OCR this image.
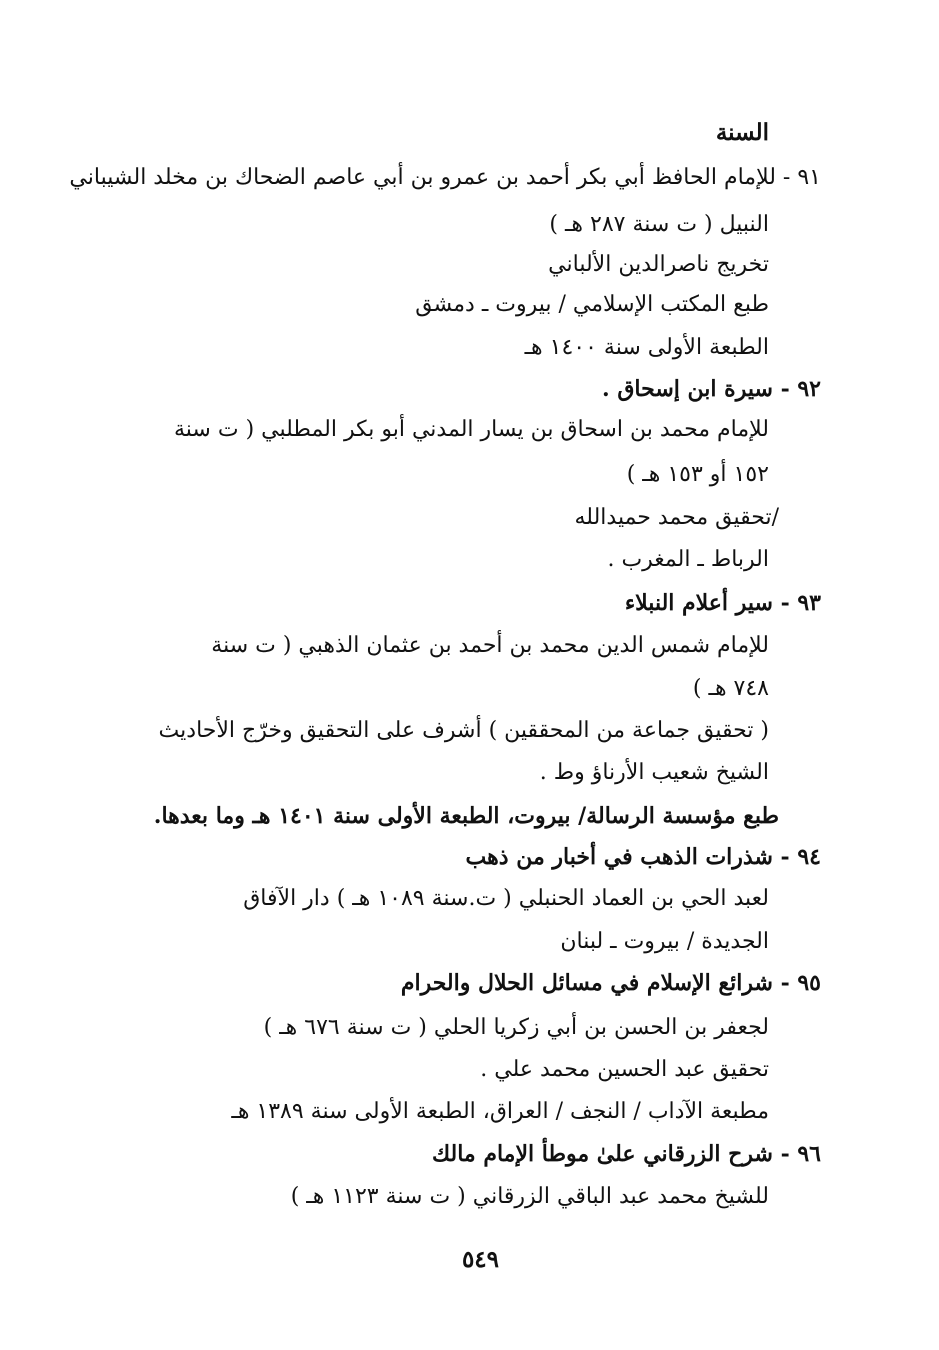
السنة
٩١ - للإمام الحافظ أبي بكر أحمد بن عمرو بن أبي عاصم الضحاك بن مخلد الشيباني
النبيل ( ت سنة ٢٨٧ هـ )
تخريج ناصرالدين الألباني
طبع المكتب الإسلامي / بيروت ـ دمشق
الطبعة الأولى سنة ١٤٠٠ هـ
٩٢ - سيرة ابن إسحاق .
للإمام محمد بن اسحاق بن يسار المدني أبو بكر المطلبي ( ت سنة
١٥٢ أو ١٥٣ هـ )
/تحقيق محمد حميدالله
الرباط ـ المغرب .
٩٣ - سير أعلام النبلاء
للإمام شمس الدين محمد بن أحمد بن عثمان الذهبي ( ت سنة
٧٤٨ هـ )
( تحقيق جماعة من المحققين ) أشرف على التحقيق وخرّج الأحاديث
الشيخ شعيب الأرناؤ وط .
طبع مؤسسة الرسالة/ بيروت، الطبعة الأولى سنة ١٤٠١ هـ وما بعدها.
٩٤ - شذرات الذهب في أخبار من ذهب
لعبد الحي بن العماد الحنبلي ( ت.سنة ١٠٨٩ هـ ) دار الآفاق
الجديدة / بيروت ـ لبنان
٩٥ - شرائع الإسلام في مسائل الحلال والحرام
لجعفر بن الحسن بن أبي زكريا الحلي ( ت سنة ٦٧٦ هـ )
تحقيق عبد الحسين محمد علي .
مطبعة الآداب / النجف / العراق، الطبعة الأولى سنة ١٣٨٩ هـ
٩٦ - شرح الزرقاني علىٰ موطأ الإمام مالك
للشيخ محمد عبد الباقي الزرقاني ( ت سنة ١١٢٣ هـ )
٥٤٩
